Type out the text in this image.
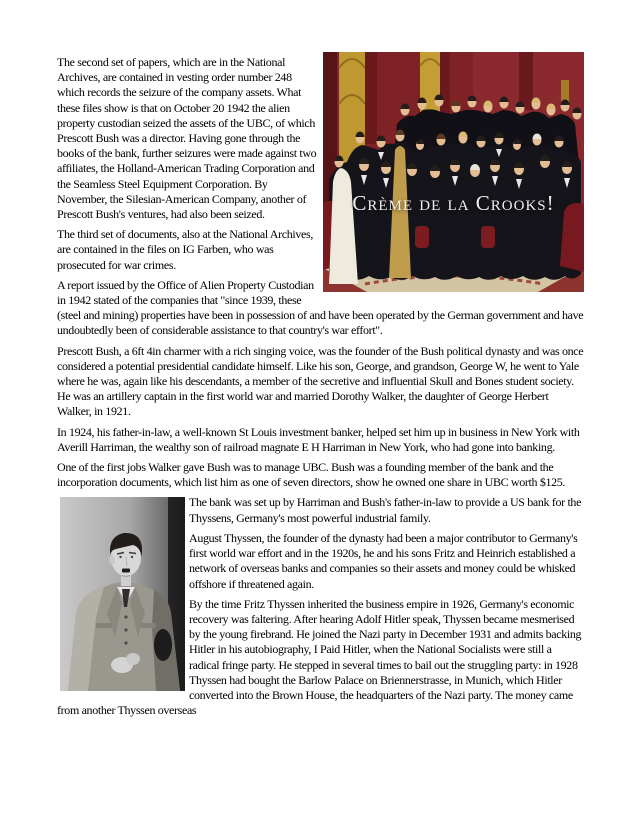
Crème de la Crooks!
The second set of papers, which are in the National Archives, are contained in vesting order number 248 which records the seizure of the company assets. What these files show is that on October 20 1942 the alien property custodian seized the assets of the UBC, of which Prescott Bush was a director. Having gone through the books of the bank, further seizures were made against two affiliates, the Holland-American Trading Corporation and the Seamless Steel Equipment Corporation. By November, the Silesian-American Company, another of Prescott Bush's ventures, had also been seized.

The third set of documents, also at the National Archives, are contained in the files on IG Farben, who was prosecuted for war crimes.

A report issued by the Office of Alien Property Custodian in 1942 stated of the companies that "since 1939, these (steel and mining) properties have been in possession of and have been operated by the German government and have undoubtedly been of considerable assistance to that country's war effort".

Prescott Bush, a 6ft 4in charmer with a rich singing voice, was the founder of the Bush political dynasty and was once considered a potential presidential candidate himself. Like his son, George, and grandson, George W, he went to Yale where he was, again like his descendants, a member of the secretive and influential Skull and Bones student society. He was an artillery captain in the first world war and married Dorothy Walker, the daughter of George Herbert Walker, in 1921.

In 1924, his father-in-law, a well-known St Louis investment banker, helped set him up in business in New York with Averill Harriman, the wealthy son of railroad magnate E H Harriman in New York, who had gone into banking.

One of the first jobs Walker gave Bush was to manage UBC. Bush was a founding member of the bank and the incorporation documents, which list him as one of seven directors, show he owned one share in UBC worth $125.

The bank was set up by Harriman and Bush's father-in-law to provide a US bank for the Thyssens, Germany's most powerful industrial family.

August Thyssen, the founder of the dynasty had been a major contributor to Germany's first world war effort and in the 1920s, he and his sons Fritz and Heinrich established a network of overseas banks and companies so their assets and money could be whisked offshore if threatened again.

By the time Fritz Thyssen inherited the business empire in 1926, Germany's economic recovery was faltering. After hearing Adolf Hitler speak, Thyssen became mesmerised by the young firebrand. He joined the Nazi party in December 1931 and admits backing Hitler in his autobiography, I Paid Hitler, when the National Socialists were still a radical fringe party. He stepped in several times to bail out the struggling party: in 1928 Thyssen had bought the Barlow Palace on Briennerstrasse, in Munich, which Hitler converted into the Brown House, the headquarters of the Nazi party. The money came from another Thyssen overseas
